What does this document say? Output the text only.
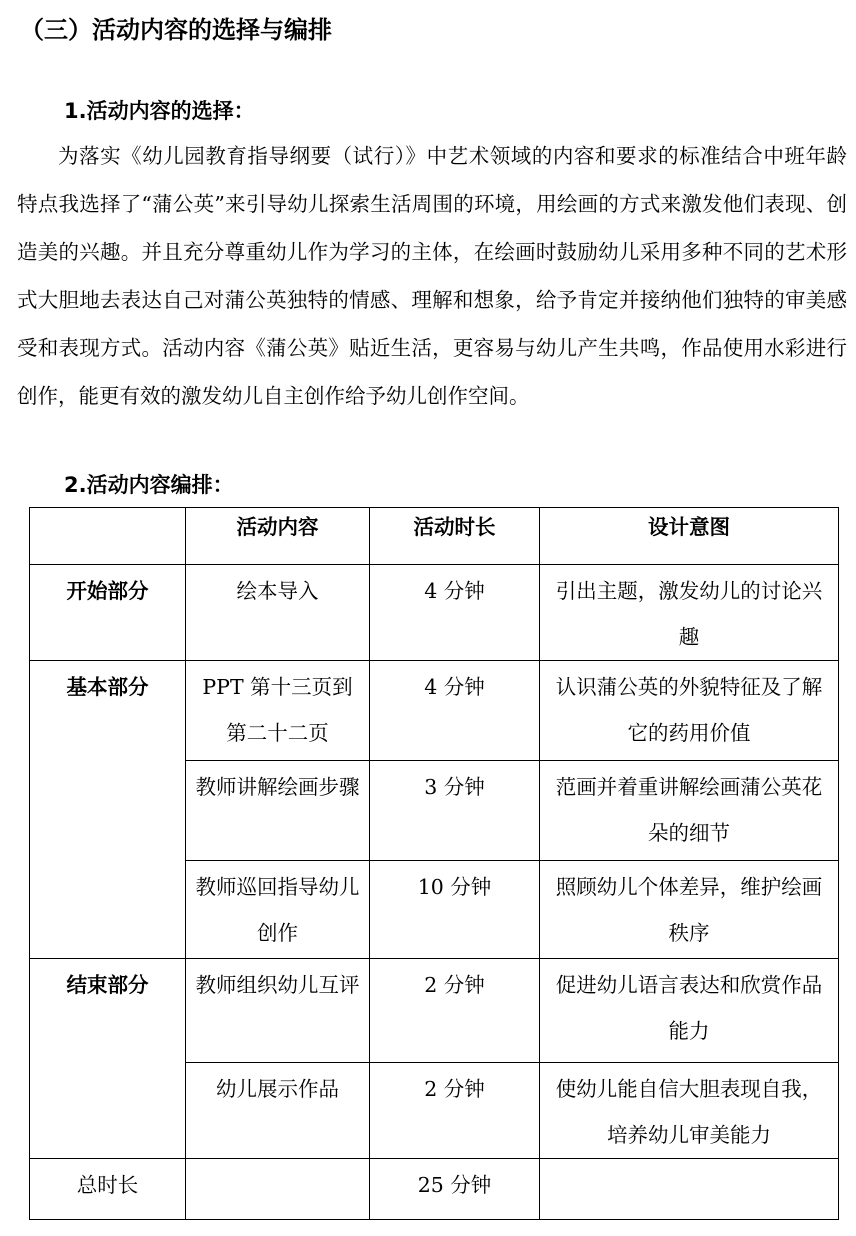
（三）活动内容的选择与编排
1.活动内容的选择：

为落实《幼儿园教育指导纲要（试行）》中艺术领域的内容和要求的标准结合中班年龄特点我选择了“蒲公英”来引导幼儿探索生活周围的环境，用绘画的方式来激发他们表现、创造美的兴趣。并且充分尊重幼儿作为学习的主体，在绘画时鼓励幼儿采用多种不同的艺术形式大胆地去表达自己对蒲公英独特的情感、理解和想象，给予肯定并接纳他们独特的审美感受和表现方式。活动内容《蒲公英》贴近生活，更容易与幼儿产生共鸣，作品使用水彩进行创作，能更有效的激发幼儿自主创作给予幼儿创作空间。

2.活动内容编排：
	活动内容	活动时长	设计意图
开始部分	绘本导入	4 分钟	引出主题，激发幼儿的讨论兴趣
基本部分	PPT 第十三页到第二十二页	4 分钟	认识蒲公英的外貌特征及了解它的药用价值
	教师讲解绘画步骤	3 分钟	范画并着重讲解绘画蒲公英花朵的细节
	教师巡回指导幼儿创作	10 分钟	照顾幼儿个体差异，维护绘画秩序
结束部分	教师组织幼儿互评	2 分钟	促进幼儿语言表达和欣赏作品能力
	幼儿展示作品	2 分钟	使幼儿能自信大胆表现自我，培养幼儿审美能力
总时长		25 分钟	
